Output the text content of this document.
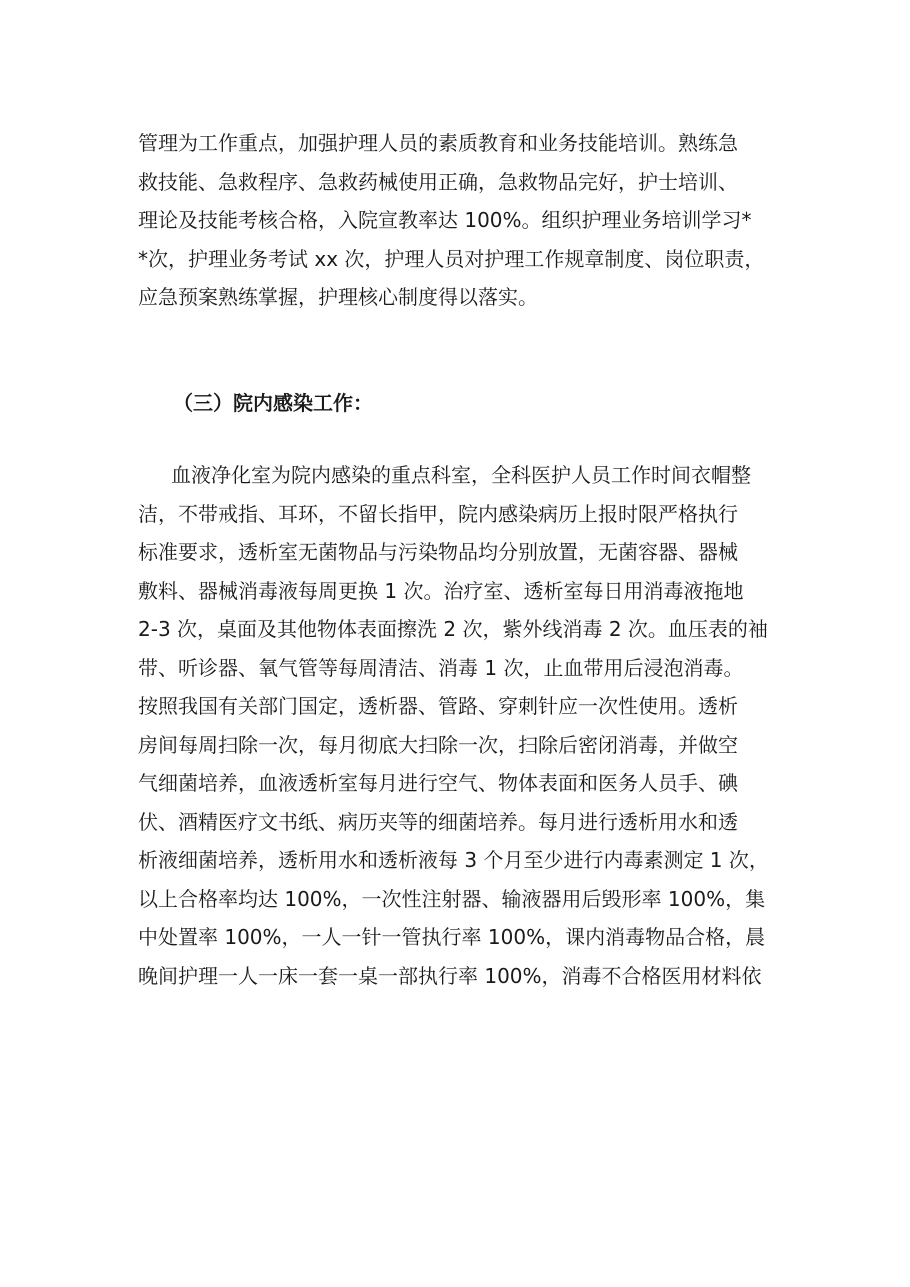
管理为工作重点，加强护理人员的素质教育和业务技能培训。熟练急
救技能、急救程序、急救药械使用正确，急救物品完好，护士培训、
理论及技能考核合格，入院宣教率达 100%。组织护理业务培训学习*
*次，护理业务考试 xx 次，护理人员对护理工作规章制度、岗位职责，
应急预案熟练掌握，护理核心制度得以落实。
（三）院内感染工作：
血液净化室为院内感染的重点科室，全科医护人员工作时间衣帽整
洁，不带戒指、耳环，不留长指甲，院内感染病历上报时限严格执行
标准要求，透析室无菌物品与污染物品均分别放置，无菌容器、器械
敷料、器械消毒液每周更换 1 次。治疗室、透析室每日用消毒液拖地
2-3 次，桌面及其他物体表面擦洗 2 次，紫外线消毒 2 次。血压表的袖
带、听诊器、氧气管等每周清洁、消毒 1 次，止血带用后浸泡消毒。
按照我国有关部门国定，透析器、管路、穿刺针应一次性使用。透析
房间每周扫除一次，每月彻底大扫除一次，扫除后密闭消毒，并做空
气细菌培养，血液透析室每月进行空气、物体表面和医务人员手、碘
伏、酒精医疗文书纸、病历夹等的细菌培养。每月进行透析用水和透
析液细菌培养，透析用水和透析液每 3 个月至少进行内毒素测定 1 次，
以上合格率均达 100%，一次性注射器、输液器用后毁形率 100%，集
中处置率 100%，一人一针一管执行率 100%，课内消毒物品合格，晨
晚间护理一人一床一套一桌一部执行率 100%，消毒不合格医用材料依
